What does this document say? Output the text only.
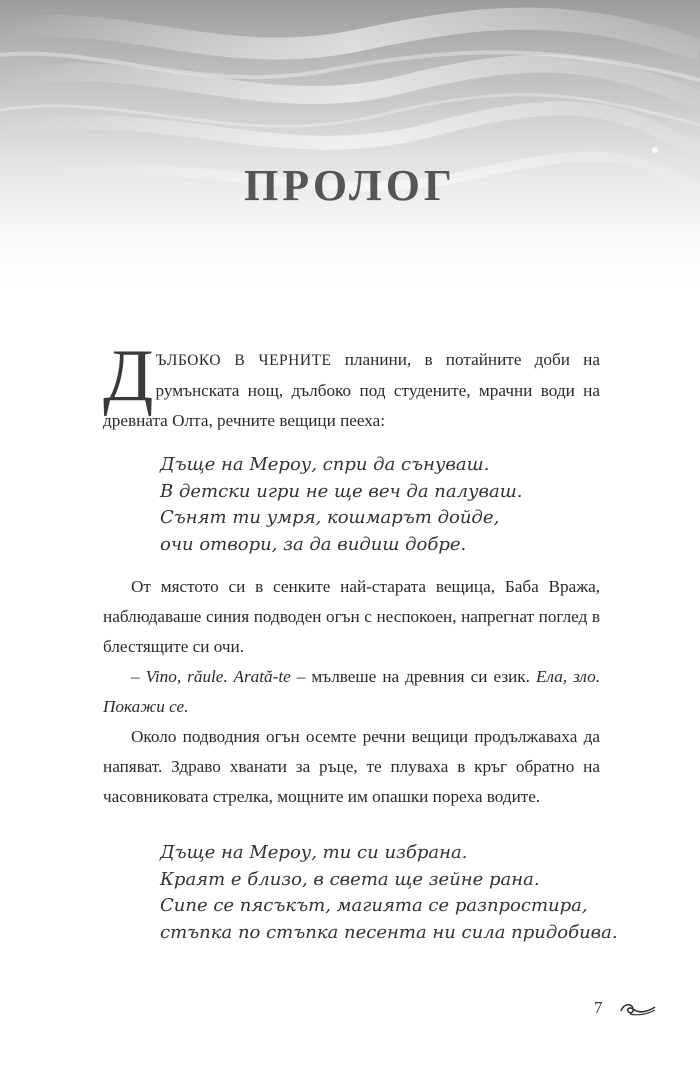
ПРОЛОГ
ДЪЛБОКО В ЧЕРНИТЕ планини, в потайните доби на румънската нощ, дълбоко под студените, мрачни води на древната Олта, речните вещици пееха:
Дъще на Мероу, спри да сънуваш.
В детски игри не ще веч да палуваш.
Сънят ти умря, кошмарът дойде,
очи отвори, за да видиш добре.

От мястото си в сенките най-старата вещица, Баба Вража, наблюдаваше синия подводен огън с неспокоен, напрегнат поглед в блестящите си очи.

– Vino, răule. Arată-te – мълвеше на древния си език. Ела, зло. Покажи се.

Около подводния огън осемте речни вещици продължаваха да напяват. Здраво хванати за ръце, те плуваха в кръг обратно на часовниковата стрелка, мощните им опашки пореха водите.

Дъще на Мероу, ти си избрана.
Краят е близо, в света ще зейне рана.
Сипе се пясъкът, магията се разпростира,
стъпка по стъпка песента ни сила придобива.
7
